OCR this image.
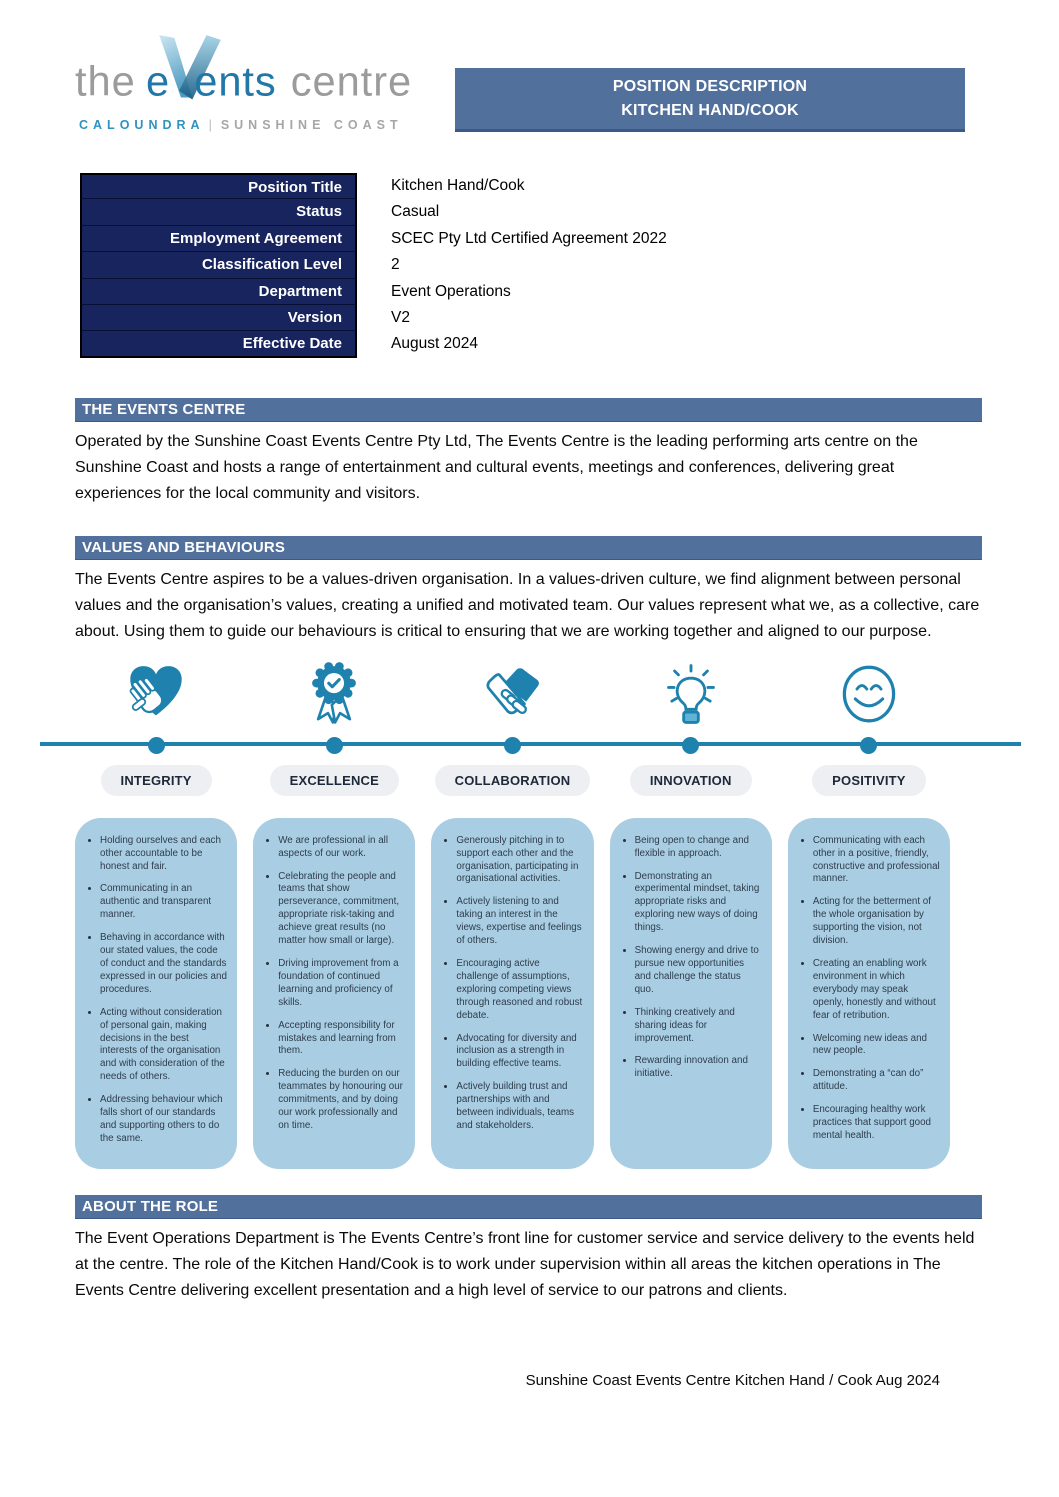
the e ents centre
CALOUNDRA | SUNSHINE COAST
POSITION DESCRIPTION
KITCHEN HAND/COOK
Position Title	Kitchen Hand/Cook
Status	Casual
Employment Agreement	SCEC Pty Ltd Certified Agreement 2022
Classification Level	2
Department	Event Operations
Version	V2
Effective Date	August 2024
THE EVENTS CENTRE
Operated by the Sunshine Coast Events Centre Pty Ltd, The Events Centre is the leading performing arts centre on the Sunshine Coast and hosts a range of entertainment and cultural events, meetings and conferences, delivering great experiences for the local community and visitors.
VALUES AND BEHAVIOURS
The Events Centre aspires to be a values-driven organisation. In a values-driven culture, we find alignment between personal values and the organisation’s values, creating a unified and motivated team. Our values represent what we, as a collective, care about. Using them to guide our behaviours is critical to ensuring that we are working together and aligned to our purpose.
INTEGRITY
• Holding ourselves and each other accountable to be honest and fair.
• Communicating in an authentic and transparent manner.
• Behaving in accordance with our stated values, the code of conduct and the standards expressed in our policies and procedures.
• Acting without consideration of personal gain, making decisions in the best interests of the organisation and with consideration of the needs of others.
• Addressing behaviour which falls short of our standards and supporting others to do the same.
EXCELLENCE
• We are professional in all aspects of our work.
• Celebrating the people and teams that show perseverance, commitment, appropriate risk-taking and achieve great results (no matter how small or large).
• Driving improvement from a foundation of continued learning and proficiency of skills.
• Accepting responsibility for mistakes and learning from them.
• Reducing the burden on our teammates by honouring our commitments, and by doing our work professionally and on time.
COLLABORATION
• Generously pitching in to support each other and the organisation, participating in organisational activities.
• Actively listening to and taking an interest in the views, expertise and feelings of others.
• Encouraging active challenge of assumptions, exploring competing views through reasoned and robust debate.
• Advocating for diversity and inclusion as a strength in building effective teams.
• Actively building trust and partnerships with and between individuals, teams and stakeholders.
INNOVATION
• Being open to change and flexible in approach.
• Demonstrating an experimental mindset, taking appropriate risks and exploring new ways of doing things.
• Showing energy and drive to pursue new opportunities and challenge the status quo.
• Thinking creatively and sharing ideas for improvement.
• Rewarding innovation and initiative.
POSITIVITY
• Communicating with each other in a positive, friendly, constructive and professional manner.
• Acting for the betterment of the whole organisation by supporting the vision, not division.
• Creating an enabling work environment in which everybody may speak openly, honestly and without fear of retribution.
• Welcoming new ideas and new people.
• Demonstrating a “can do” attitude.
• Encouraging healthy work practices that support good mental health.
ABOUT THE ROLE
The Event Operations Department is The Events Centre’s front line for customer service and service delivery to the events held at the centre. The role of the Kitchen Hand/Cook is to work under supervision within all areas the kitchen operations in The Events Centre delivering excellent presentation and a high level of service to our patrons and clients.
Sunshine Coast Events Centre Kitchen Hand / Cook Aug 2024
